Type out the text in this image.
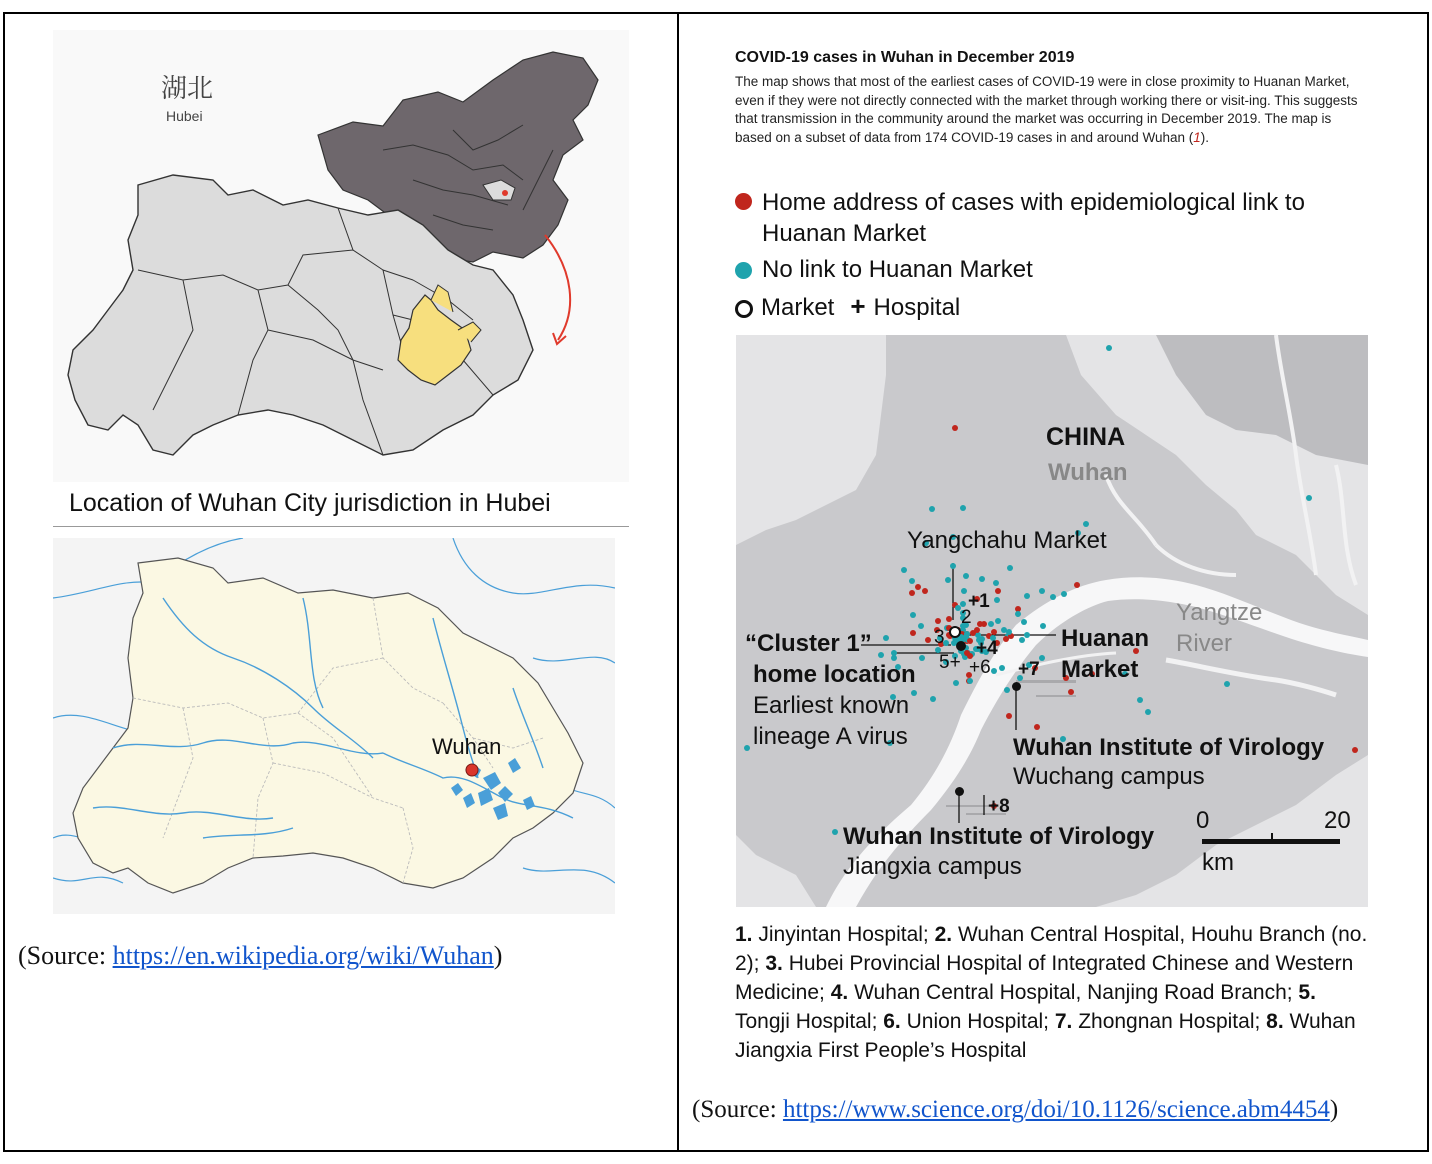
湖北
Hubei
Location of Wuhan City jurisdiction in Hubei
Wuhan
(Source: https://en.wikipedia.org/wiki/Wuhan)
COVID-19 cases in Wuhan in December 2019
The map shows that most of the earliest cases of COVID-19 were in close proximity to Huanan Market, even if they were not directly connected with the market through working there or visit-ing. This suggests that transmission in the community around the market was occurring in December 2019. The map is based on a subset of data from 174 COVID-19 cases in and around Wuhan (1).
Home address of cases with epidemiological link to Huanan Market
No link to Huanan Market
Market + Hospital
CHINA
Wuhan
Yangchahu Market
“Cluster 1”
home location
Earliest known
lineage A virus
Huanan
Market
Yangtze
River
Wuhan Institute of Virology
Wuchang campus
Wuhan Institute of Virology
Jiangxia campus
+1
2
3
+4
5+ +6 +7
+8
0	20
km
1. Jinyintan Hospital; 2. Wuhan Central Hospital, Houhu Branch (no. 2); 3. Hubei Provincial Hospital of Integrated Chinese and Western Medicine; 4. Wuhan Central Hospital, Nanjing Road Branch; 5. Tongji Hospital; 6. Union Hospital; 7. Zhongnan Hospital; 8. Wuhan Jiangxia First People’s Hospital
(Source: https://www.science.org/doi/10.1126/science.abm4454)
